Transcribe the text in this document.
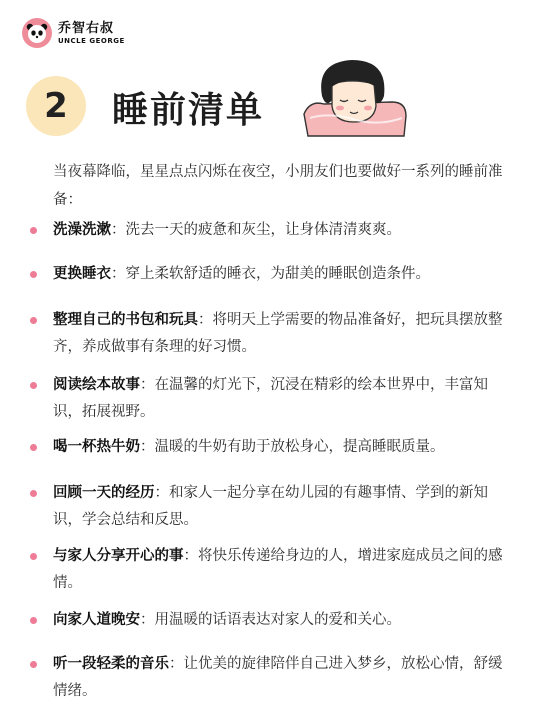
乔智右叔
UNCLE GEORGE
2 睡前清单
当夜幕降临，星星点点闪烁在夜空，小朋友们也要做好一系列的睡前准备：
洗澡洗漱：洗去一天的疲惫和灰尘，让身体清清爽爽。
更换睡衣：穿上柔软舒适的睡衣，为甜美的睡眠创造条件。
整理自己的书包和玩具：将明天上学需要的物品准备好，把玩具摆放整齐，养成做事有条理的好习惯。
阅读绘本故事：在温馨的灯光下，沉浸在精彩的绘本世界中，丰富知识，拓展视野。
喝一杯热牛奶：温暖的牛奶有助于放松身心，提高睡眠质量。
回顾一天的经历：和家人一起分享在幼儿园的有趣事情、学到的新知识，学会总结和反思。
与家人分享开心的事：将快乐传递给身边的人，增进家庭成员之间的感情。
向家人道晚安：用温暖的话语表达对家人的爱和关心。
听一段轻柔的音乐：让优美的旋律陪伴自己进入梦乡，放松心情，舒缓情绪。
